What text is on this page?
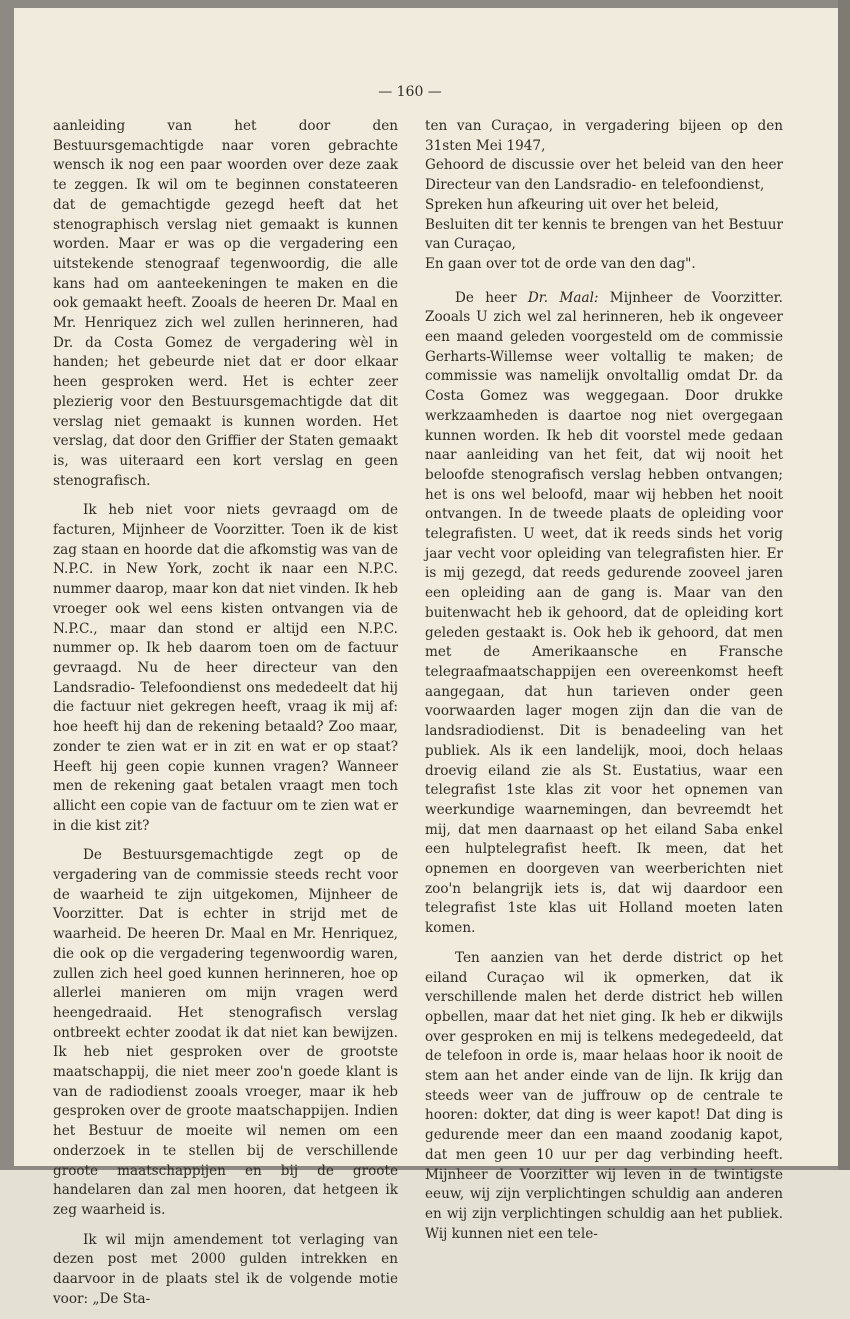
— 160 —

aanleiding van het door den Bestuursgemachtigde naar voren gebrachte wensch ik nog een paar woorden over deze zaak te zeggen. Ik wil om te beginnen constateeren dat de gemachtigde gezegd heeft dat het stenographisch verslag niet gemaakt is kunnen worden. Maar er was op die vergadering een uitstekende stenograaf tegenwoordig, die alle kans had om aanteekeningen te maken en die ook gemaakt heeft. Zooals de heeren Dr. Maal en Mr. Henriquez zich wel zullen herinneren, had Dr. da Costa Gomez de vergadering wèl in handen; het gebeurde niet dat er door elkaar heen gesproken werd. Het is echter zeer plezierig voor den Bestuursgemachtigde dat dit verslag niet gemaakt is kunnen worden. Het verslag, dat door den Griffier der Staten gemaakt is, was uiteraard een kort verslag en geen stenografisch.

Ik heb niet voor niets gevraagd om de facturen, Mijnheer de Voorzitter. Toen ik de kist zag staan en hoorde dat die afkomstig was van de N.P.C. in New York, zocht ik naar een N.P.C. nummer daarop, maar kon dat niet vinden. Ik heb vroeger ook wel eens kisten ontvangen via de N.P.C., maar dan stond er altijd een N.P.C. nummer op. Ik heb daarom toen om de factuur gevraagd. Nu de heer directeur van den Landsradio- Telefoondienst ons mededeelt dat hij die factuur niet gekregen heeft, vraag ik mij af: hoe heeft hij dan de rekening betaald? Zoo maar, zonder te zien wat er in zit en wat er op staat? Heeft hij geen copie kunnen vragen? Wanneer men de rekening gaat betalen vraagt men toch allicht een copie van de factuur om te zien wat er in die kist zit?

De Bestuursgemachtigde zegt op de vergadering van de commissie steeds recht voor de waarheid te zijn uitgekomen, Mijnheer de Voorzitter. Dat is echter in strijd met de waarheid. De heeren Dr. Maal en Mr. Henriquez, die ook op die vergadering tegenwoordig waren, zullen zich heel goed kunnen herinneren, hoe op allerlei manieren om mijn vragen werd heengedraaid. Het stenografisch verslag ontbreekt echter zoodat ik dat niet kan bewijzen. Ik heb niet gesproken over de grootste maatschappij, die niet meer zoo'n goede klant is van de radiodienst zooals vroeger, maar ik heb gesproken over de groote maatschappijen. Indien het Bestuur de moeite wil nemen om een onderzoek in te stellen bij de verschillende groote maatschappijen en bij de groote handelaren dan zal men hooren, dat hetgeen ik zeg waarheid is.

Ik wil mijn amendement tot verlaging van dezen post met 2000 gulden intrekken en daarvoor in de plaats stel ik de volgende motie voor: „De Sta-

ten van Curaçao, in vergadering bijeen op den 31sten Mei 1947,

Gehoord de discussie over het beleid van den heer Directeur van den Landsradio- en telefoondienst,

Spreken hun afkeuring uit over het beleid,

Besluiten dit ter kennis te brengen van het Bestuur van Curaçao,

En gaan over tot de orde van den dag".

De heer Dr. Maal: Mijnheer de Voorzitter. Zooals U zich wel zal herinneren, heb ik ongeveer een maand geleden voorgesteld om de commissie Gerharts-Willemse weer voltallig te maken; de commissie was namelijk onvoltallig omdat Dr. da Costa Gomez was weggegaan. Door drukke werkzaamheden is daartoe nog niet overgegaan kunnen worden. Ik heb dit voorstel mede gedaan naar aanleiding van het feit, dat wij nooit het beloofde stenografisch verslag hebben ontvangen; het is ons wel beloofd, maar wij hebben het nooit ontvangen. In de tweede plaats de opleiding voor telegrafisten. U weet, dat ik reeds sinds het vorig jaar vecht voor opleiding van telegrafisten hier. Er is mij gezegd, dat reeds gedurende zooveel jaren een opleiding aan de gang is. Maar van den buitenwacht heb ik gehoord, dat de opleiding kort geleden gestaakt is. Ook heb ik gehoord, dat men met de Amerikaansche en Fransche telegraafmaatschappijen een overeenkomst heeft aangegaan, dat hun tarieven onder geen voorwaarden lager mogen zijn dan die van de landsradiodienst. Dit is benadeeling van het publiek. Als ik een landelijk, mooi, doch helaas droevig eiland zie als St. Eustatius, waar een telegrafist 1ste klas zit voor het opnemen van weerkundige waarnemingen, dan bevreemdt het mij, dat men daarnaast op het eiland Saba enkel een hulptelegrafist heeft. Ik meen, dat het opnemen en doorgeven van weerberichten niet zoo'n belangrijk iets is, dat wij daardoor een telegrafist 1ste klas uit Holland moeten laten komen.

Ten aanzien van het derde district op het eiland Curaçao wil ik opmerken, dat ik verschillende malen het derde district heb willen opbellen, maar dat het niet ging. Ik heb er dikwijls over gesproken en mij is telkens medegedeeld, dat de telefoon in orde is, maar helaas hoor ik nooit de stem aan het ander einde van de lijn. Ik krijg dan steeds weer van de juffrouw op de centrale te hooren: dokter, dat ding is weer kapot! Dat ding is gedurende meer dan een maand zoodanig kapot, dat men geen 10 uur per dag verbinding heeft. Mijnheer de Voorzitter wij leven in de twintigste eeuw, wij zijn verplichtingen schuldig aan anderen en wij zijn verplichtingen schuldig aan het publiek. Wij kunnen niet een tele-
